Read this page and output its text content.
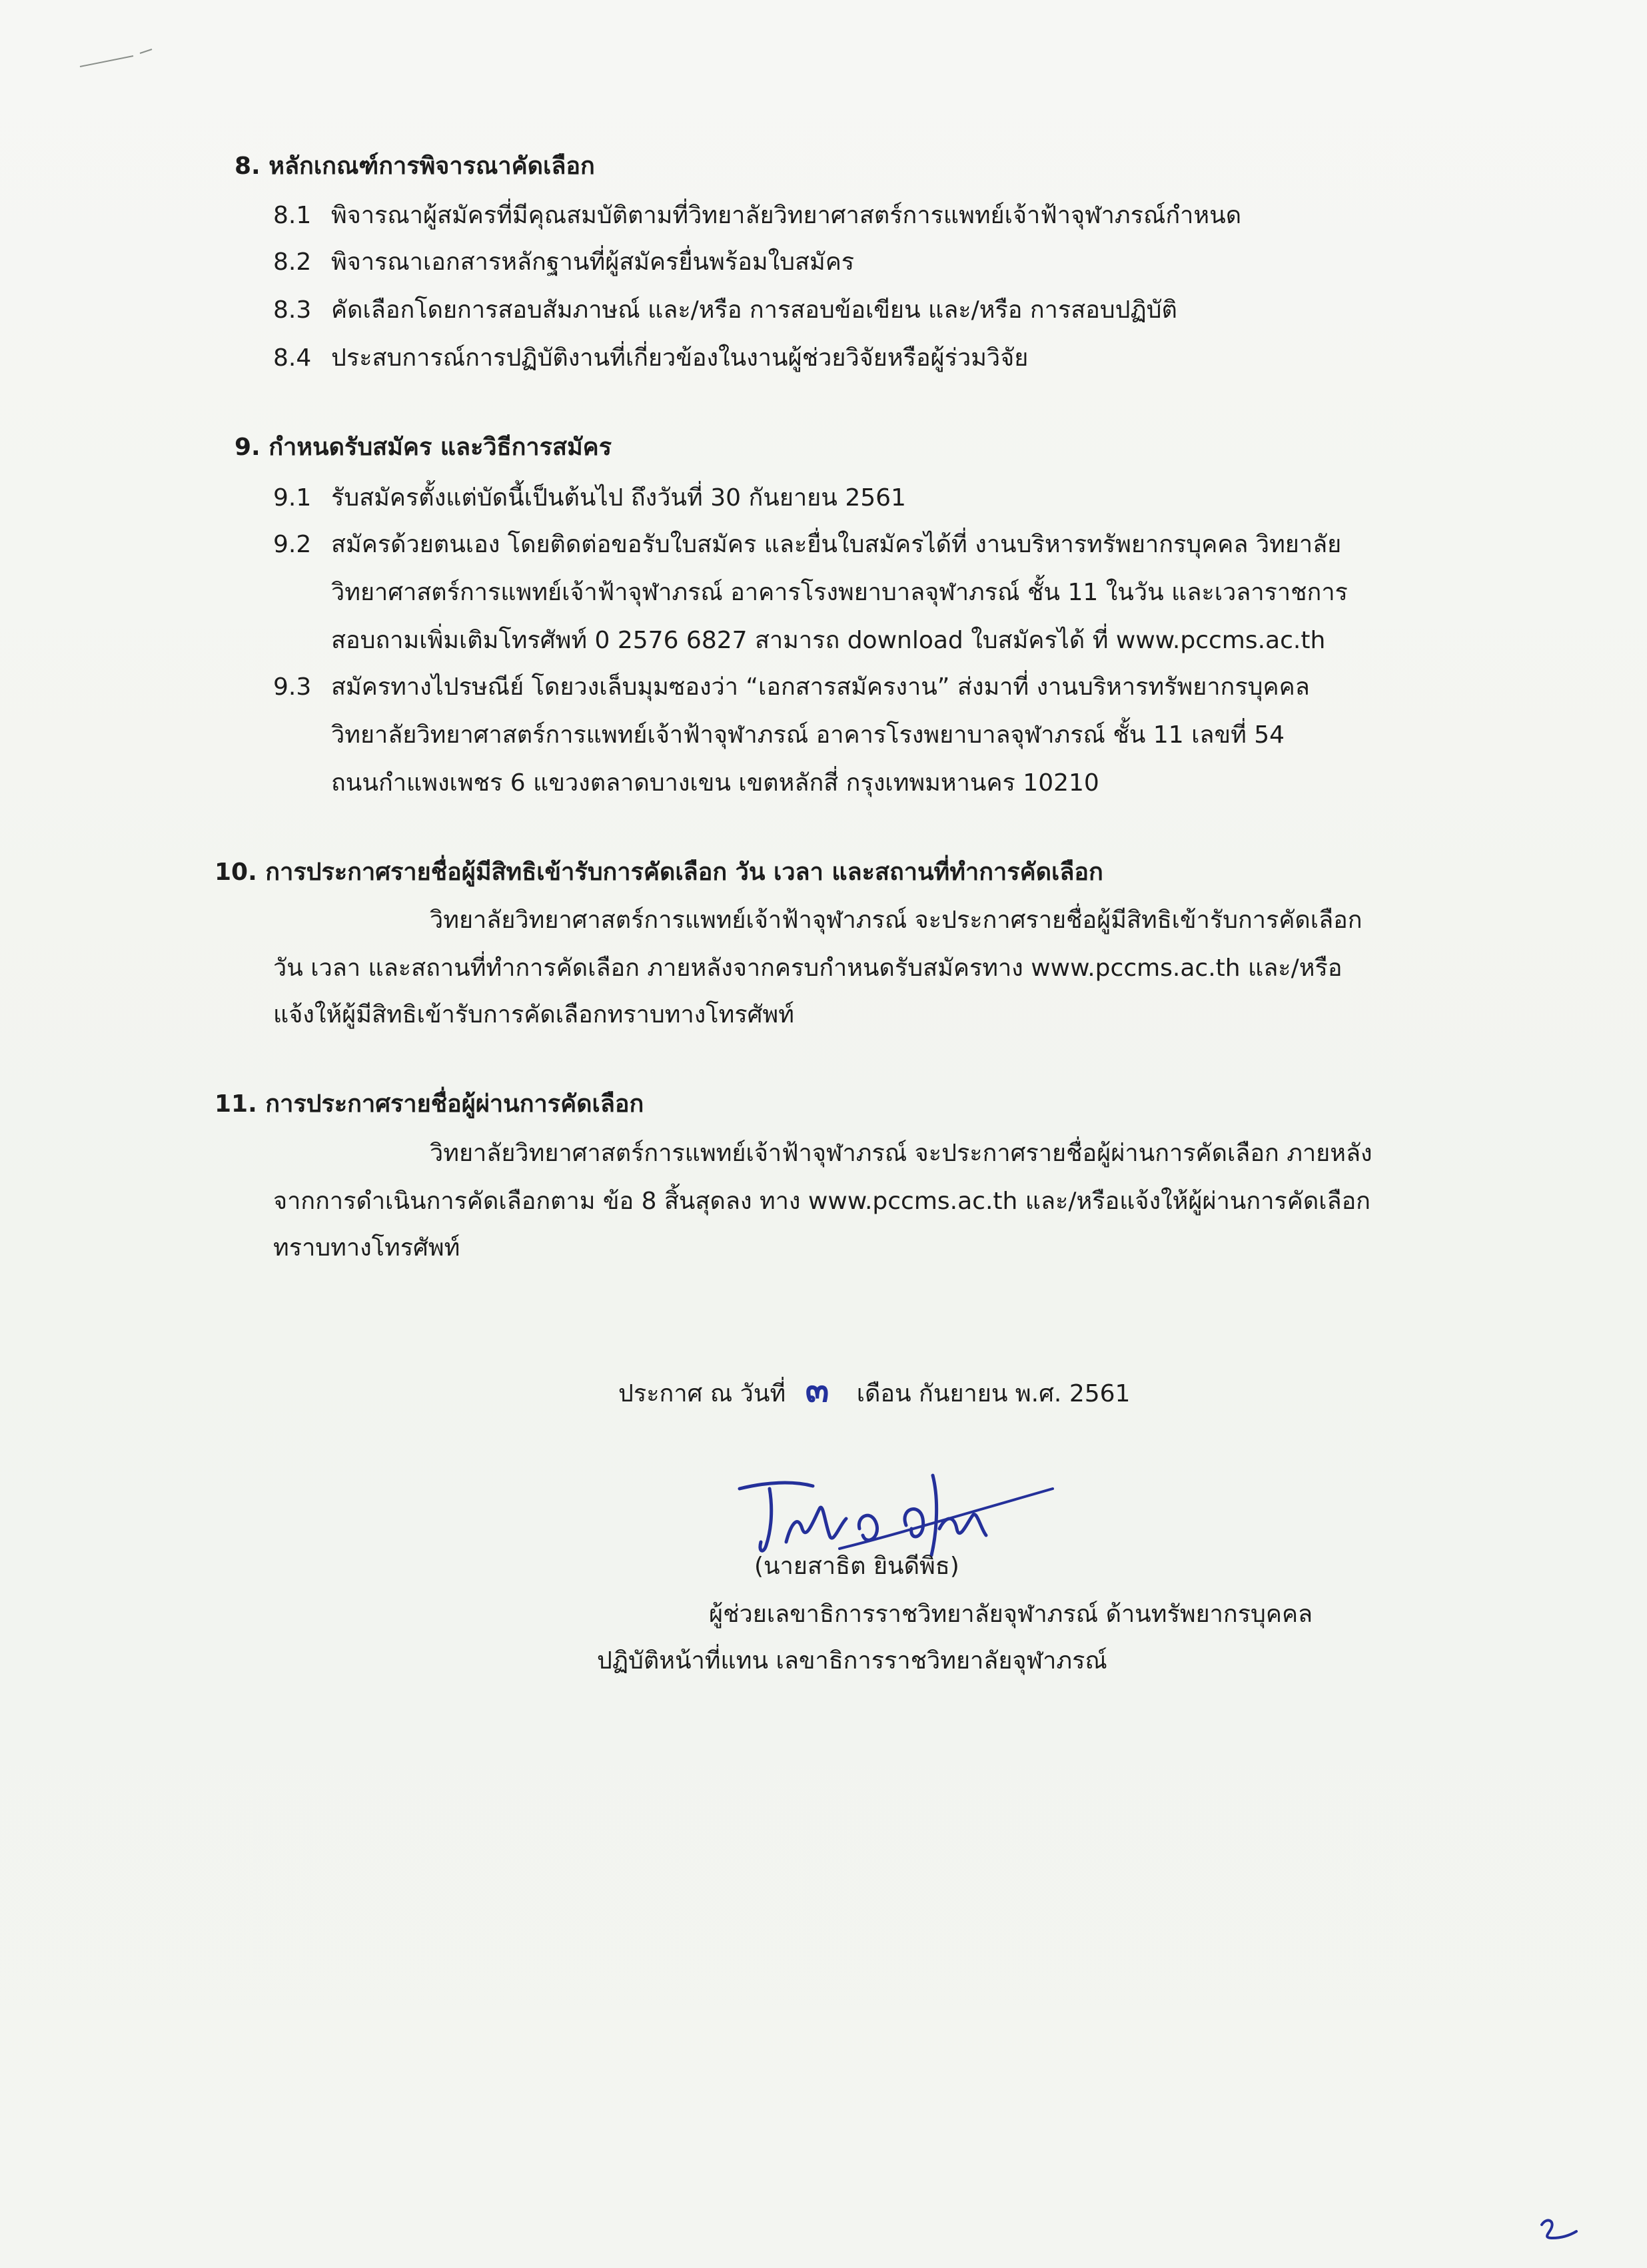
8. หลักเกณฑ์การพิจารณาคัดเลือก
8.1 พิจารณาผู้สมัครที่มีคุณสมบัติตามที่วิทยาลัยวิทยาศาสตร์การแพทย์เจ้าฟ้าจุฬาภรณ์กำหนด
8.2 พิจารณาเอกสารหลักฐานที่ผู้สมัครยื่นพร้อมใบสมัคร
8.3 คัดเลือกโดยการสอบสัมภาษณ์ และ/หรือ การสอบข้อเขียน และ/หรือ การสอบปฏิบัติ
8.4 ประสบการณ์การปฏิบัติงานที่เกี่ยวข้องในงานผู้ช่วยวิจัยหรือผู้ร่วมวิจัย
9. กำหนดรับสมัคร และวิธีการสมัคร
9.1 รับสมัครตั้งแต่บัดนี้เป็นต้นไป ถึงวันที่ 30 กันยายน 2561
9.2 สมัครด้วยตนเอง โดยติดต่อขอรับใบสมัคร และยื่นใบสมัครได้ที่ งานบริหารทรัพยากรบุคคล วิทยาลัย
วิทยาศาสตร์การแพทย์เจ้าฟ้าจุฬาภรณ์ อาคารโรงพยาบาลจุฬาภรณ์ ชั้น 11 ในวัน และเวลาราชการ
สอบถามเพิ่มเติมโทรศัพท์ 0 2576 6827 สามารถ download ใบสมัครได้ ที่ www.pccms.ac.th
9.3 สมัครทางไปรษณีย์ โดยวงเล็บมุมซองว่า “เอกสารสมัครงาน” ส่งมาที่ งานบริหารทรัพยากรบุคคล
วิทยาลัยวิทยาศาสตร์การแพทย์เจ้าฟ้าจุฬาภรณ์ อาคารโรงพยาบาลจุฬาภรณ์ ชั้น 11 เลขที่ 54
ถนนกำแพงเพชร 6 แขวงตลาดบางเขน เขตหลักสี่ กรุงเทพมหานคร 10210
10. การประกาศรายชื่อผู้มีสิทธิเข้ารับการคัดเลือก วัน เวลา และสถานที่ทำการคัดเลือก
วิทยาลัยวิทยาศาสตร์การแพทย์เจ้าฟ้าจุฬาภรณ์ จะประกาศรายชื่อผู้มีสิทธิเข้ารับการคัดเลือก
วัน เวลา และสถานที่ทำการคัดเลือก ภายหลังจากครบกำหนดรับสมัครทาง www.pccms.ac.th และ/หรือ
แจ้งให้ผู้มีสิทธิเข้ารับการคัดเลือกทราบทางโทรศัพท์
11. การประกาศรายชื่อผู้ผ่านการคัดเลือก
วิทยาลัยวิทยาศาสตร์การแพทย์เจ้าฟ้าจุฬาภรณ์ จะประกาศรายชื่อผู้ผ่านการคัดเลือก ภายหลัง
จากการดำเนินการคัดเลือกตาม ข้อ 8 สิ้นสุดลง ทาง www.pccms.ac.th และ/หรือแจ้งให้ผู้ผ่านการคัดเลือก
ทราบทางโทรศัพท์
ประกาศ ณ วันที่ ๓ เดือน กันยายน พ.ศ. 2561
(นายสาธิต ยินดีพิธ)
ผู้ช่วยเลขาธิการราชวิทยาลัยจุฬาภรณ์ ด้านทรัพยากรบุคคล
ปฏิบัติหน้าที่แทน เลขาธิการราชวิทยาลัยจุฬาภรณ์
